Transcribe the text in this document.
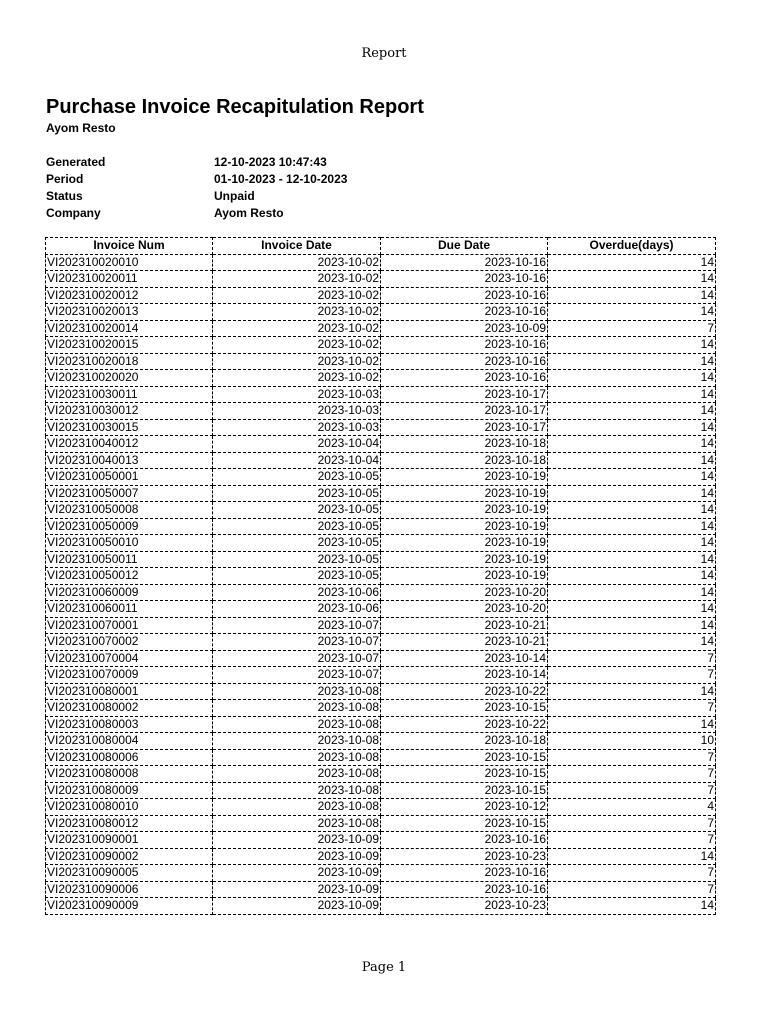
Report
Purchase Invoice Recapitulation Report
Ayom Resto
Generated	12-10-2023 10:47:43
Period	01-10-2023 - 12-10-2023
Status	Unpaid
Company	Ayom Resto
Invoice Num	Invoice Date	Due Date	Overdue(days)
VI202310020010	2023-10-02	2023-10-16	14
VI202310020011	2023-10-02	2023-10-16	14
VI202310020012	2023-10-02	2023-10-16	14
VI202310020013	2023-10-02	2023-10-16	14
VI202310020014	2023-10-02	2023-10-09	7
VI202310020015	2023-10-02	2023-10-16	14
VI202310020018	2023-10-02	2023-10-16	14
VI202310020020	2023-10-02	2023-10-16	14
VI202310030011	2023-10-03	2023-10-17	14
VI202310030012	2023-10-03	2023-10-17	14
VI202310030015	2023-10-03	2023-10-17	14
VI202310040012	2023-10-04	2023-10-18	14
VI202310040013	2023-10-04	2023-10-18	14
VI202310050001	2023-10-05	2023-10-19	14
VI202310050007	2023-10-05	2023-10-19	14
VI202310050008	2023-10-05	2023-10-19	14
VI202310050009	2023-10-05	2023-10-19	14
VI202310050010	2023-10-05	2023-10-19	14
VI202310050011	2023-10-05	2023-10-19	14
VI202310050012	2023-10-05	2023-10-19	14
VI202310060009	2023-10-06	2023-10-20	14
VI202310060011	2023-10-06	2023-10-20	14
VI202310070001	2023-10-07	2023-10-21	14
VI202310070002	2023-10-07	2023-10-21	14
VI202310070004	2023-10-07	2023-10-14	7
VI202310070009	2023-10-07	2023-10-14	7
VI202310080001	2023-10-08	2023-10-22	14
VI202310080002	2023-10-08	2023-10-15	7
VI202310080003	2023-10-08	2023-10-22	14
VI202310080004	2023-10-08	2023-10-18	10
VI202310080006	2023-10-08	2023-10-15	7
VI202310080008	2023-10-08	2023-10-15	7
VI202310080009	2023-10-08	2023-10-15	7
VI202310080010	2023-10-08	2023-10-12	4
VI202310080012	2023-10-08	2023-10-15	7
VI202310090001	2023-10-09	2023-10-16	7
VI202310090002	2023-10-09	2023-10-23	14
VI202310090005	2023-10-09	2023-10-16	7
VI202310090006	2023-10-09	2023-10-16	7
VI202310090009	2023-10-09	2023-10-23	14
Page 1
